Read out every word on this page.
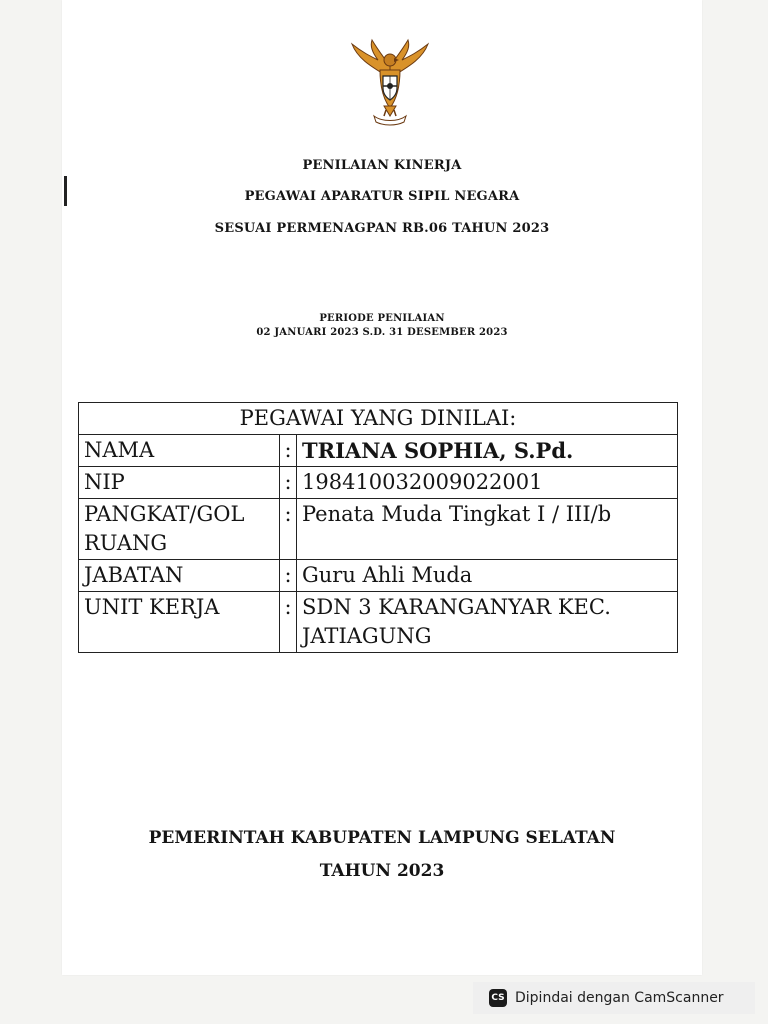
PENILAIAN KINERJA
PEGAWAI APARATUR SIPIL NEGARA
SESUAI PERMENAGPAN RB.06 TAHUN 2023
PERIODE PENILAIAN
02 JANUARI 2023 S.D. 31 DESEMBER 2023
PEGAWAI YANG DINILAI:		
NAMA	:	TRIANA SOPHIA, S.Pd.
NIP	:	198410032009022001
PANGKAT/GOL RUANG	:	Penata Muda Tingkat I / III/b
JABATAN	:	Guru Ahli Muda
UNIT KERJA	:	SDN 3 KARANGANYAR KEC. JATIAGUNG
PEMERINTAH KABUPATEN LAMPUNG SELATAN
TAHUN 2023
CS Dipindai dengan CamScanner
